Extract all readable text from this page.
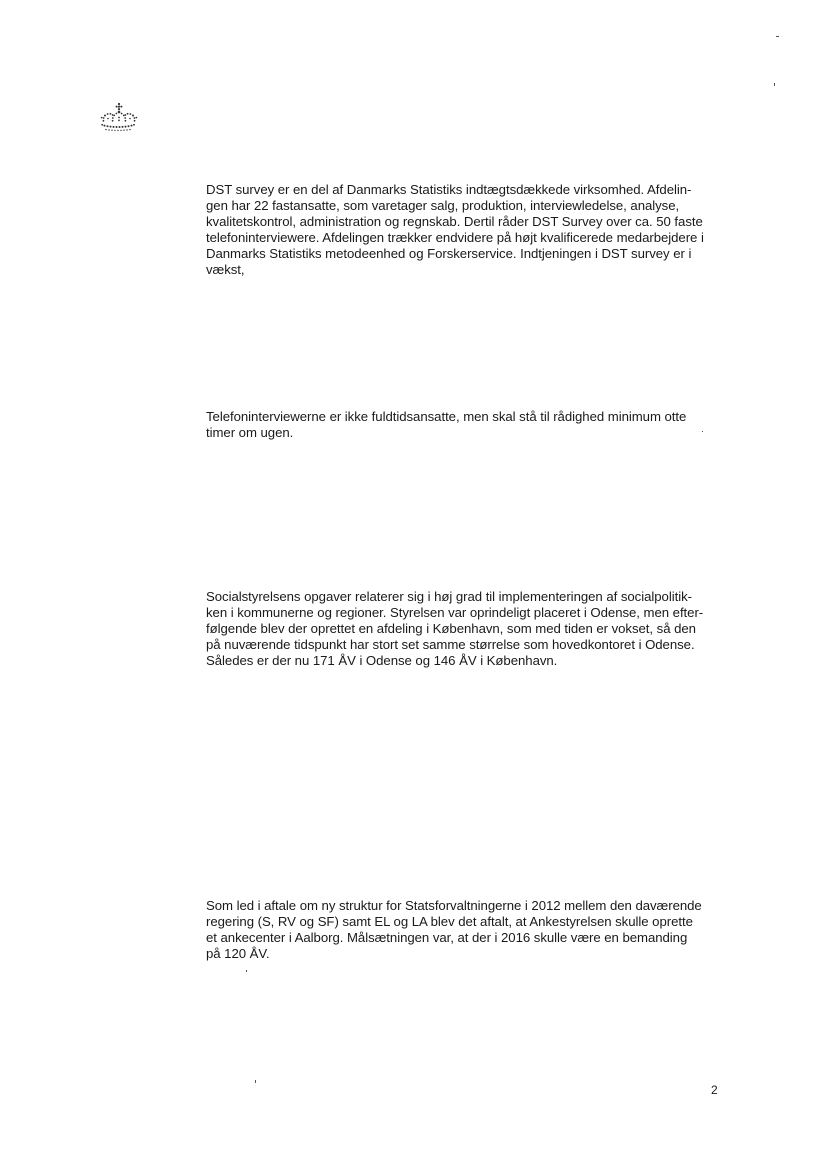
DST survey er en del af Danmarks Statistiks indtægtsdækkede virksomhed. Afdelin-
gen har 22 fastansatte, som varetager salg, produktion, interviewledelse, analyse,
kvalitetskontrol, administration og regnskab. Dertil råder DST Survey over ca. 50 faste
telefoninterviewere. Afdelingen trækker endvidere på højt kvalificerede medarbejdere i
Danmarks Statistiks metodeenhed og Forskerservice. Indtjeningen i DST survey er i
vækst,
Telefoninterviewerne er ikke fuldtidsansatte, men skal stå til rådighed minimum otte
timer om ugen.
Socialstyrelsens opgaver relaterer sig i høj grad til implementeringen af socialpolitik-
ken i kommunerne og regioner. Styrelsen var oprindeligt placeret i Odense, men efter-
følgende blev der oprettet en afdeling i København, som med tiden er vokset, så den
på nuværende tidspunkt har stort set samme størrelse som hovedkontoret i Odense.
Således er der nu 171 ÅV i Odense og 146 ÅV i København.
Som led i aftale om ny struktur for Statsforvaltningerne i 2012 mellem den daværende
regering (S, RV og SF) samt EL og LA blev det aftalt, at Ankestyrelsen skulle oprette
et ankecenter i Aalborg. Målsætningen var, at der i 2016 skulle være en bemanding
på 120 ÅV.
2
